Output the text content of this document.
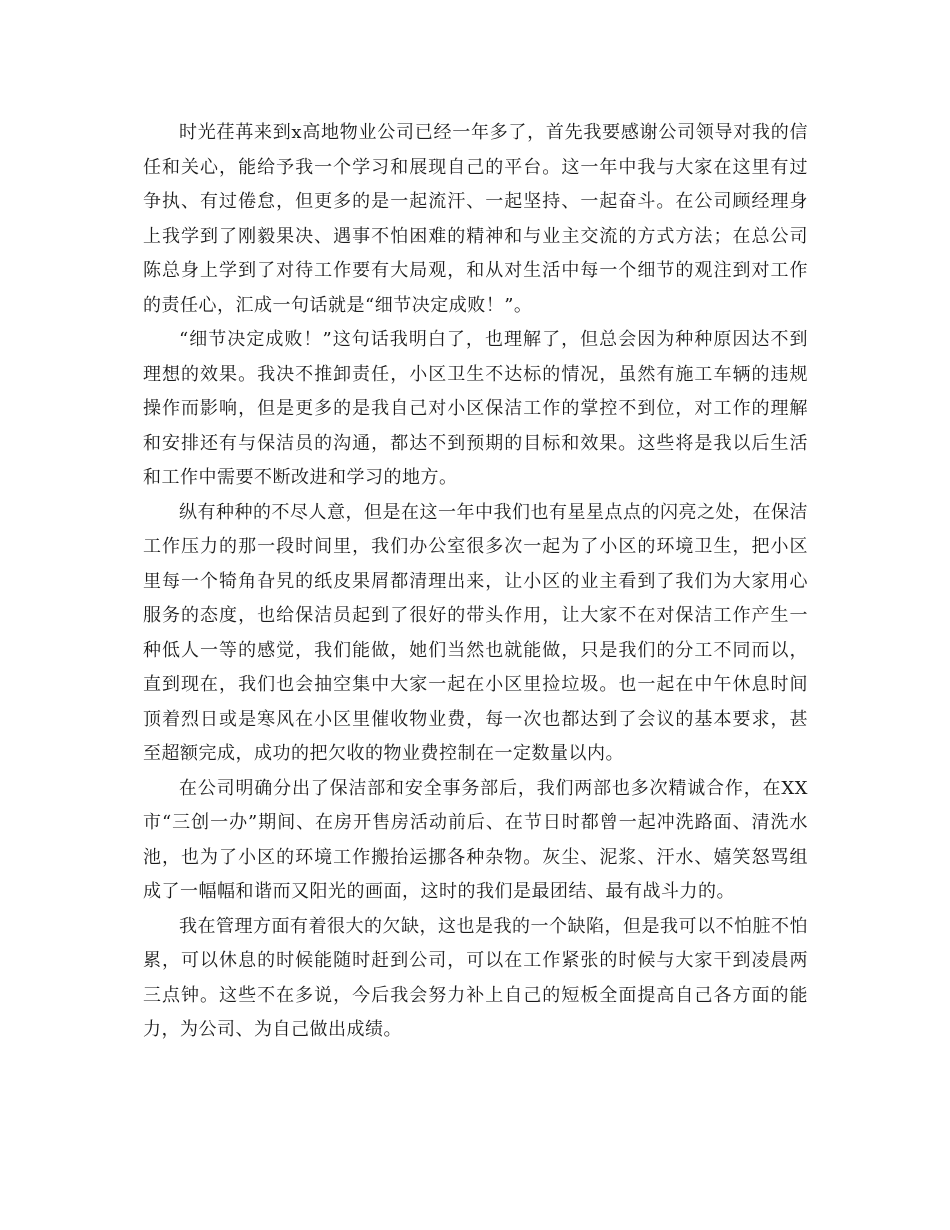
时光荏苒来到x高地物业公司已经一年多了，首先我要感谢公司领导对我的信任和关心，能给予我一个学习和展现自己的平台。这一年中我与大家在这里有过争执、有过倦怠，但更多的是一起流汗、一起坚持、一起奋斗。在公司顾经理身上我学到了刚毅果决、遇事不怕困难的精神和与业主交流的方式方法；在总公司陈总身上学到了对待工作要有大局观，和从对生活中每一个细节的观注到对工作的责任心，汇成一句话就是“细节决定成败！”。

“细节决定成败！”这句话我明白了，也理解了，但总会因为种种原因达不到理想的效果。我决不推卸责任，小区卫生不达标的情况，虽然有施工车辆的违规操作而影响，但是更多的是我自己对小区保洁工作的掌控不到位，对工作的理解和安排还有与保洁员的沟通，都达不到预期的目标和效果。这些将是我以后生活和工作中需要不断改进和学习的地方。

纵有种种的不尽人意，但是在这一年中我们也有星星点点的闪亮之处，在保洁工作压力的那一段时间里，我们办公室很多次一起为了小区的环境卫生，把小区里每一个犄角旮旯的纸皮果屑都清理出来，让小区的业主看到了我们为大家用心服务的态度，也给保洁员起到了很好的带头作用，让大家不在对保洁工作产生一种低人一等的感觉，我们能做，她们当然也就能做，只是我们的分工不同而以，直到现在，我们也会抽空集中大家一起在小区里捡垃圾。也一起在中午休息时间顶着烈日或是寒风在小区里催收物业费，每一次也都达到了会议的基本要求，甚至超额完成，成功的把欠收的物业费控制在一定数量以内。

在公司明确分出了保洁部和安全事务部后，我们两部也多次精诚合作，在XX市“三创一办”期间、在房开售房活动前后、在节日时都曾一起冲洗路面、清洗水池，也为了小区的环境工作搬抬运挪各种杂物。灰尘、泥浆、汗水、嬉笑怒骂组成了一幅幅和谐而又阳光的画面，这时的我们是最团结、最有战斗力的。

我在管理方面有着很大的欠缺，这也是我的一个缺陷，但是我可以不怕脏不怕累，可以休息的时候能随时赶到公司，可以在工作紧张的时候与大家干到凌晨两三点钟。这些不在多说，今后我会努力补上自己的短板全面提高自己各方面的能力，为公司、为自己做出成绩。
